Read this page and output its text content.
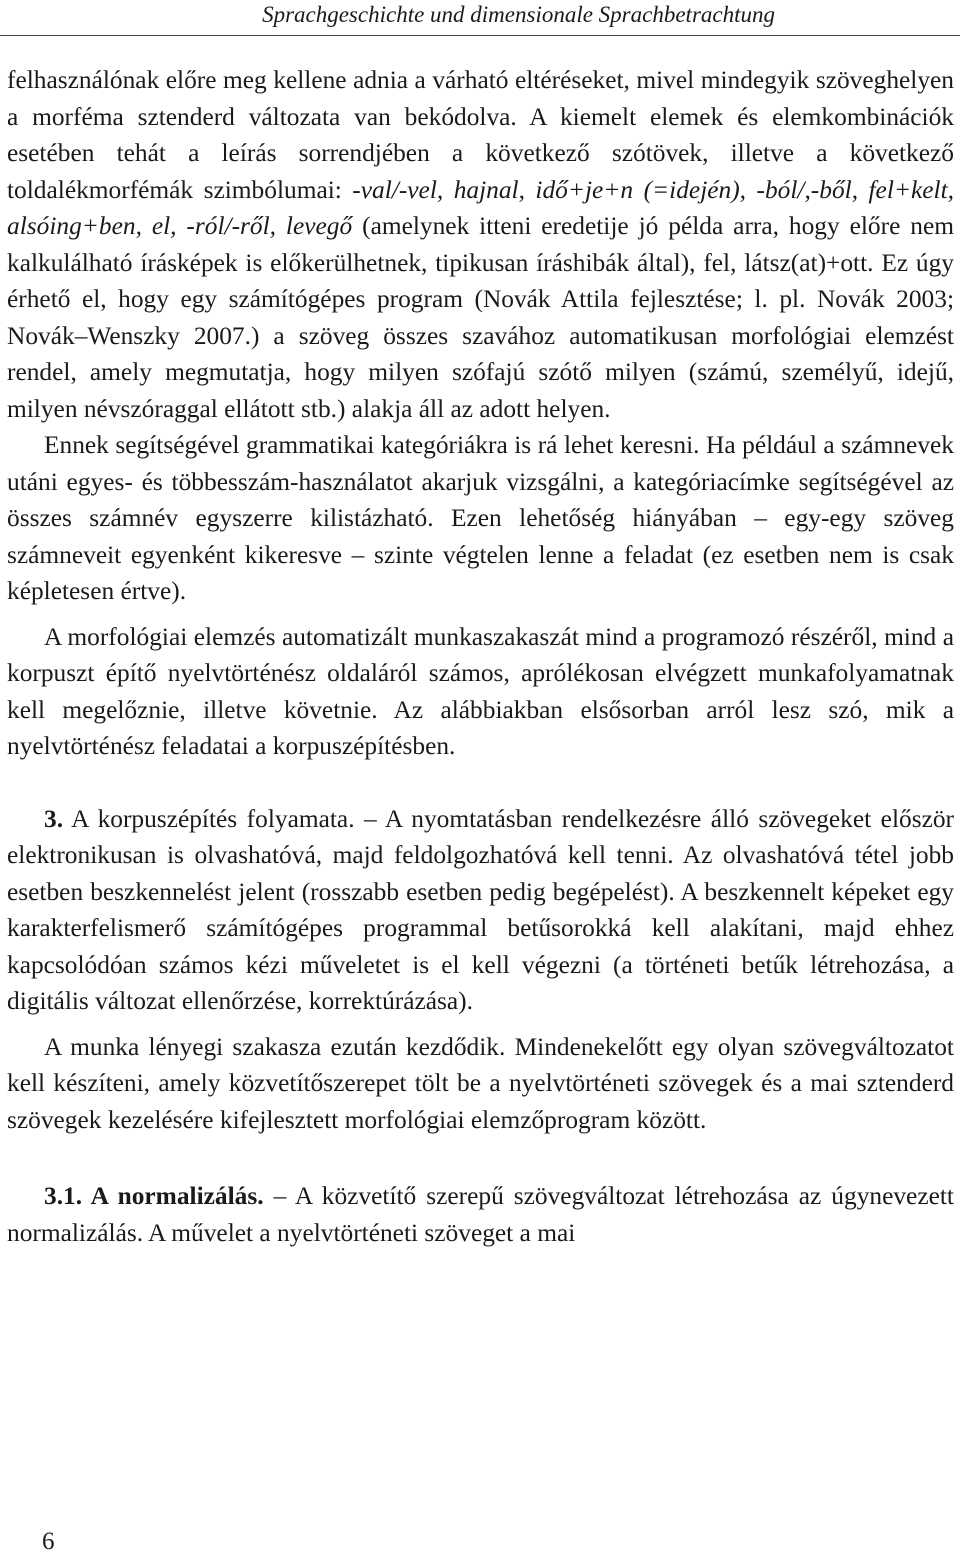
Sprachgeschichte und dimensionale Sprachbetrachtung

felhasználónak előre meg kellene adnia a várható eltéréseket, mivel mindegyik szöveghelyen a morféma sztenderd változata van bekódolva. A kiemelt elemek és elemkombinációk esetében tehát a leírás sorrendjében a következő szótövek, illetve a következő toldalékmorfémák szimbólumai: -val/-vel, hajnal, idő+je+n (=idején), -ból/,-ből, fel+kelt, alsóing+ben, el, -ról/-ről, levegő (amelynek itteni eredetije jó példa arra, hogy előre nem kalkulálható írásképek is előkerülhetnek, tipikusan íráshibák által), fel, látsz(at)+ott. Ez úgy érhető el, hogy egy számítógépes program (Novák Attila fejlesztése; l. pl. Novák 2003; Novák–Wenszky 2007.) a szöveg összes szavához automatikusan morfológiai elemzést rendel, amely megmutatja, hogy milyen szófajú szótő milyen (számú, személyű, idejű, milyen névszóraggal ellátott stb.) alakja áll az adott helyen.

Ennek segítségével grammatikai kategóriákra is rá lehet keresni. Ha például a számnevek utáni egyes- és többesszám-használatot akarjuk vizsgálni, a kategóriacímke segítségével az összes számnév egyszerre kilistázható. Ezen lehetőség hiányában – egy-egy szöveg számneveit egyenként kikeresve – szinte végtelen lenne a feladat (ez esetben nem is csak képletesen értve).

A morfológiai elemzés automatizált munkaszakaszát mind a programozó részéről, mind a korpuszt építő nyelvtörténész oldaláról számos, aprólékosan elvégzett munkafolyamatnak kell megelőznie, illetve követnie. Az alábbiakban elsősorban arról lesz szó, mik a nyelvtörténész feladatai a korpuszépítésben.

3. A korpuszépítés folyamata. – A nyomtatásban rendelkezésre álló szövegeket először elektronikusan is olvashatóvá, majd feldolgozhatóvá kell tenni. Az olvashatóvá tétel jobb esetben beszkennelést jelent (rosszabb esetben pedig begépelést). A beszkennelt képeket egy karakterfelismerő számítógépes programmal betűsorokká kell alakítani, majd ehhez kapcsolódóan számos kézi műveletet is el kell végezni (a történeti betűk létrehozása, a digitális változat ellenőrzése, korrektúrázása).

A munka lényegi szakasza ezután kezdődik. Mindenekelőtt egy olyan szövegváltozatot kell készíteni, amely közvetítőszerepet tölt be a nyelvtörténeti szövegek és a mai sztenderd szövegek kezelésére kifejlesztett morfológiai elemzőprogram között.

3.1. A normalizálás. – A közvetítő szerepű szövegváltozat létrehozása az úgynevezett normalizálás. A művelet a nyelvtörténeti szöveget a mai

6
